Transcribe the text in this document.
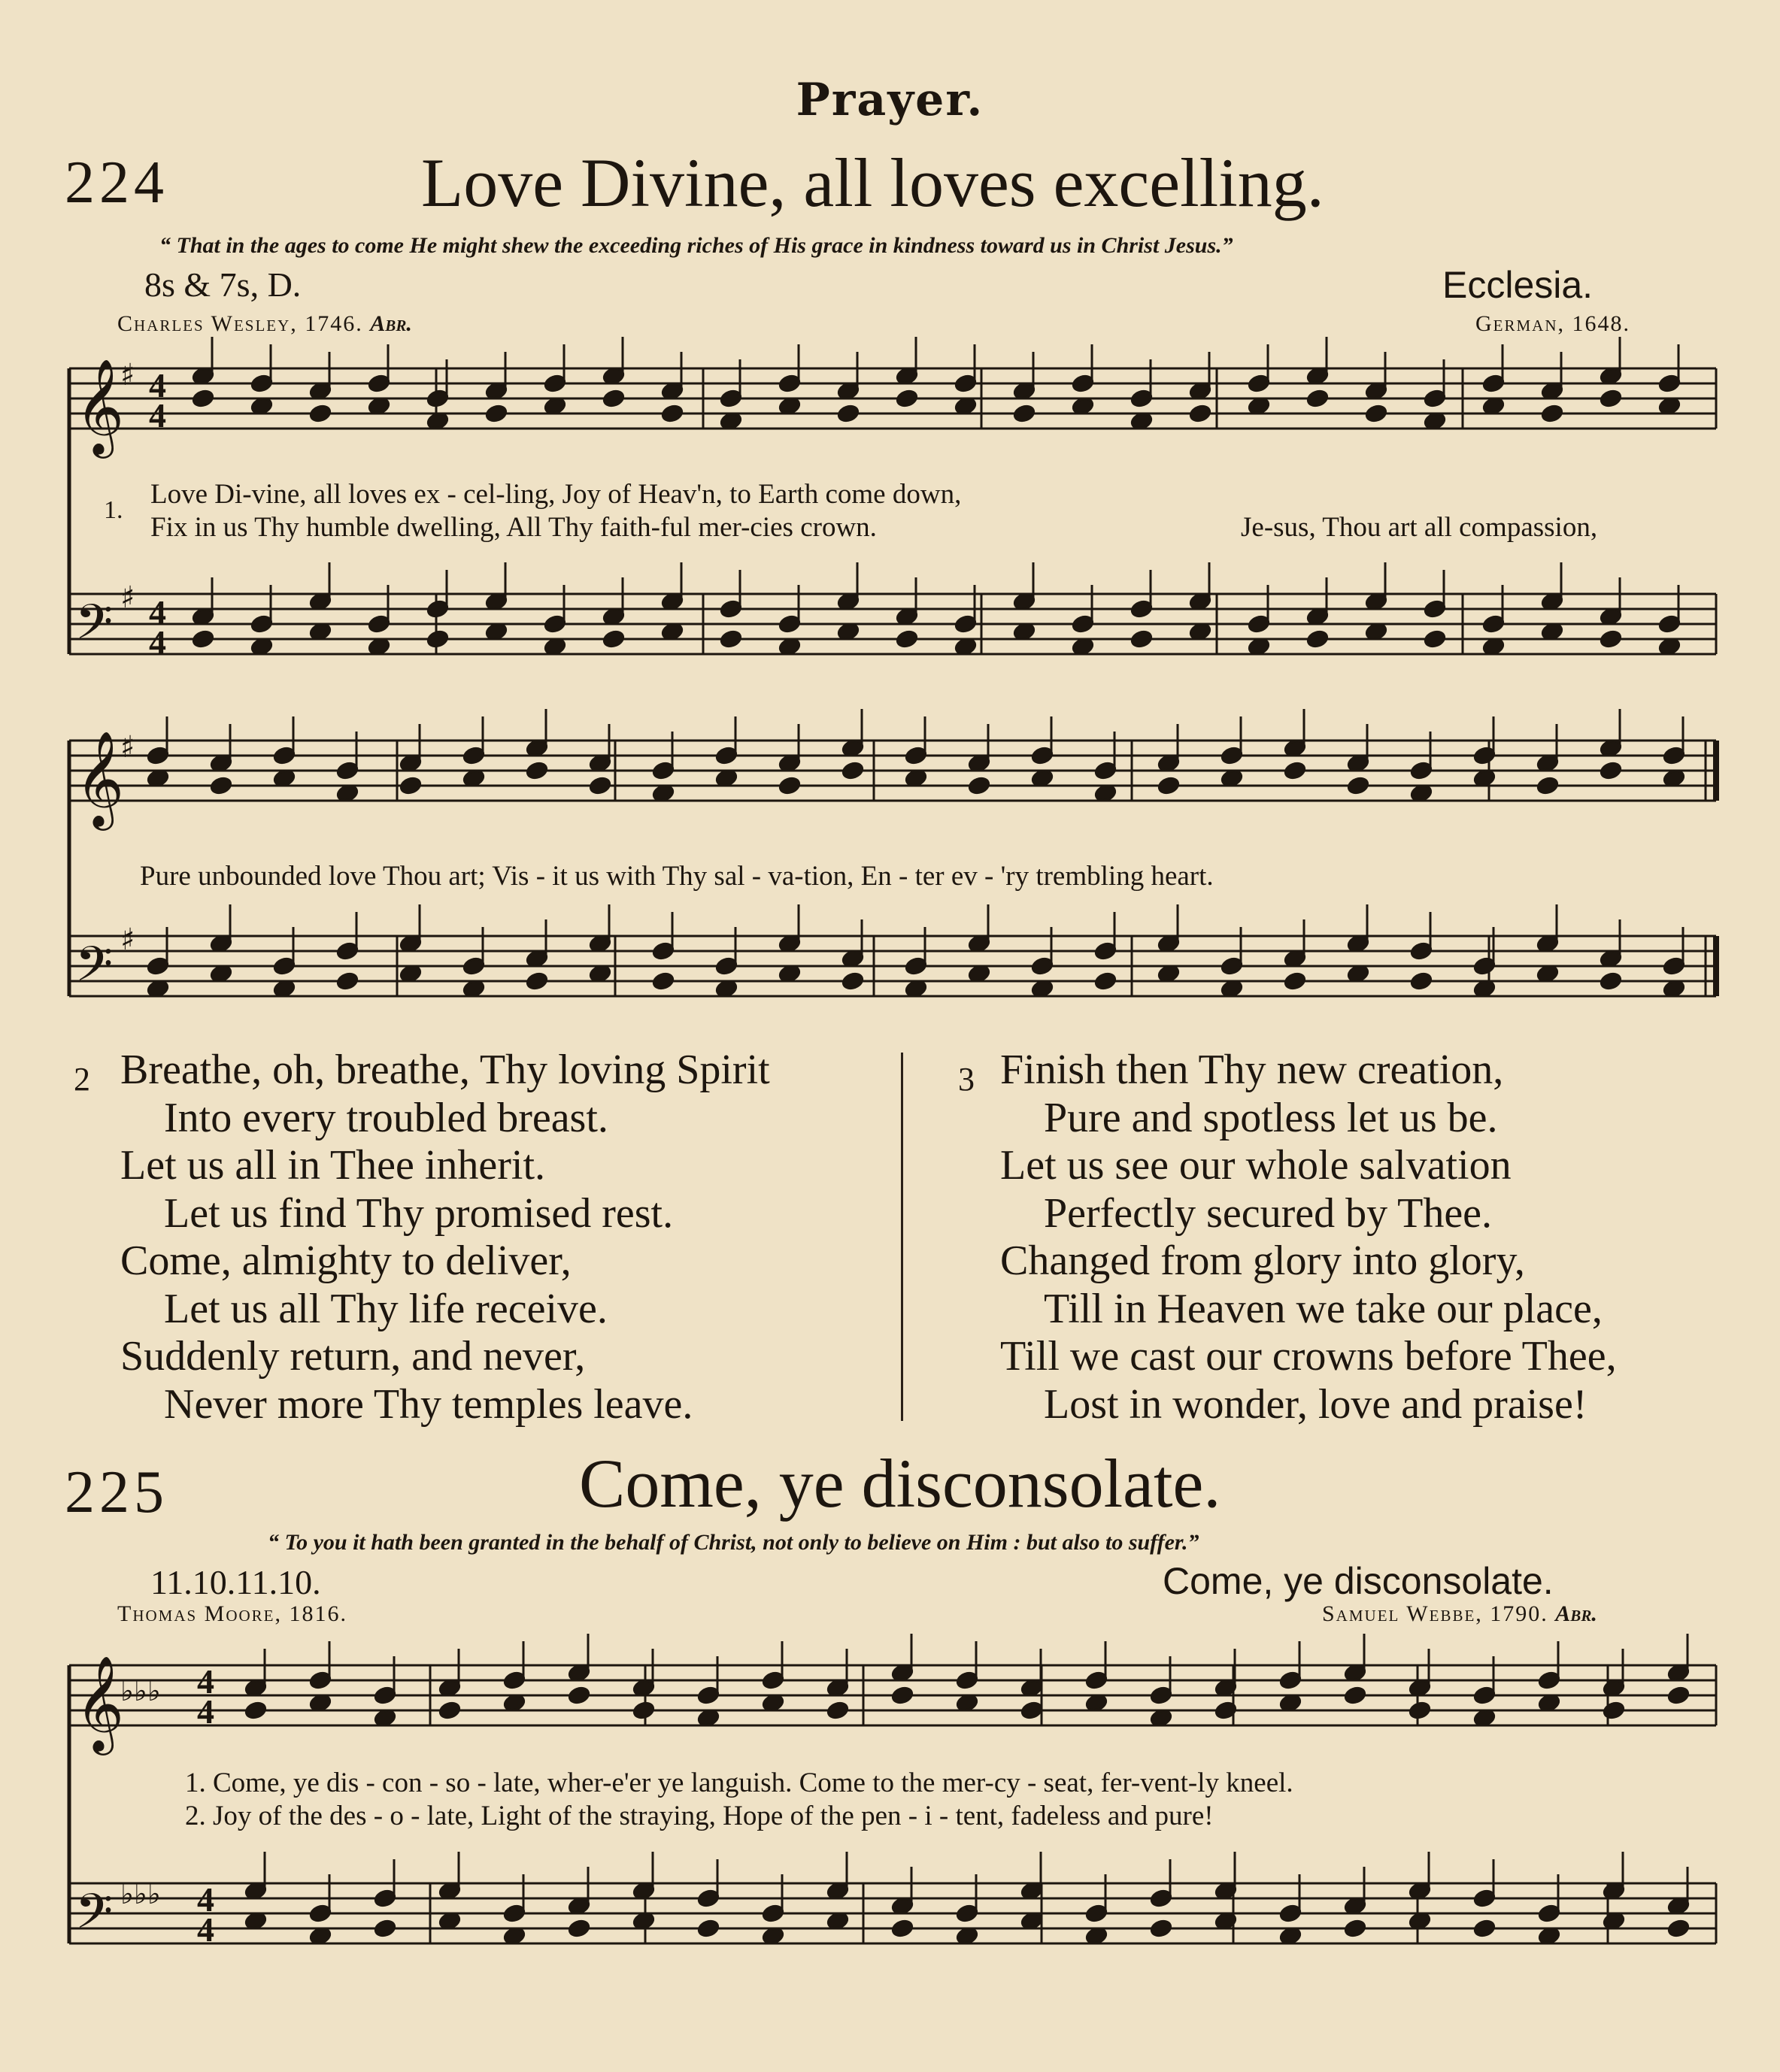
Prayer.
224	Love Divine, all loves excelling.
“ That in the ages to come He might shew the exceeding riches of His grace in kindness toward us in Christ Jesus.”
8s & 7s, D.	Ecclesia.
Charles Wesley, 1746. Abr.	German, 1648.
𝄞
𝄢
𝄞
𝄢
𝄞
𝄢
♯
♯
♯
♯
♭♭♭
♭♭♭
4
4
4
4
4
4
4
4
1.
Love Di-vine, all loves ex - cel-ling, Joy of Heav'n, to Earth come down,
Fix in us Thy humble dwelling, All Thy faith-ful mer-cies crown.	Je-sus, Thou art all compassion,
Pure unbounded love Thou art; Vis - it us with Thy sal - va-tion, En - ter ev - 'ry trembling heart.
2 Breathe, oh, breathe, Thy loving Spirit
Into every troubled breast.
Let us all in Thee inherit.
Let us find Thy promised rest.
Come, almighty to deliver,
Let us all Thy life receive.
Suddenly return, and never,
Never more Thy temples leave.
3 Finish then Thy new creation,
Pure and spotless let us be.
Let us see our whole salvation
Perfectly secured by Thee.
Changed from glory into glory,
Till in Heaven we take our place,
Till we cast our crowns before Thee,
Lost in wonder, love and praise!
225	Come, ye disconsolate.
“ To you it hath been granted in the behalf of Christ, not only to believe on Him : but also to suffer.”
11.10.11.10.	Come, ye disconsolate.
Thomas Moore, 1816.	Samuel Webbe, 1790. Abr.
1. Come, ye dis - con - so - late, wher-e'er ye languish. Come to the mer-cy - seat, fer-vent-ly kneel.
2. Joy of the des - o - late, Light of the straying, Hope of the pen - i - tent, fadeless and pure!
